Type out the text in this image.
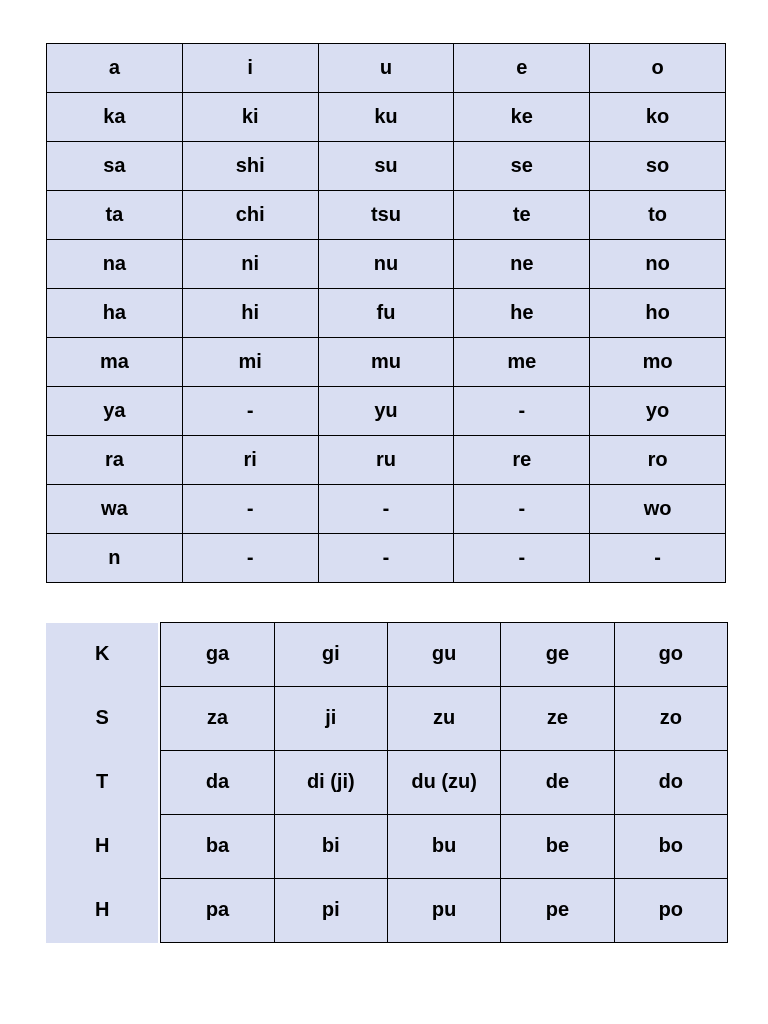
a	i	u	e	o
ka	ki	ku	ke	ko
sa	shi	su	se	so
ta	chi	tsu	te	to
na	ni	nu	ne	no
ha	hi	fu	he	ho
ma	mi	mu	me	mo
ya	-	yu	-	yo
ra	ri	ru	re	ro
wa	-	-	-	wo
n	-	-	-	-
K		ga	gi	gu	ge	go
S		za	ji	zu	ze	zo
T		da	di (ji)	du (zu)	de	do
H		ba	bi	bu	be	bo
H		pa	pi	pu	pe	po
